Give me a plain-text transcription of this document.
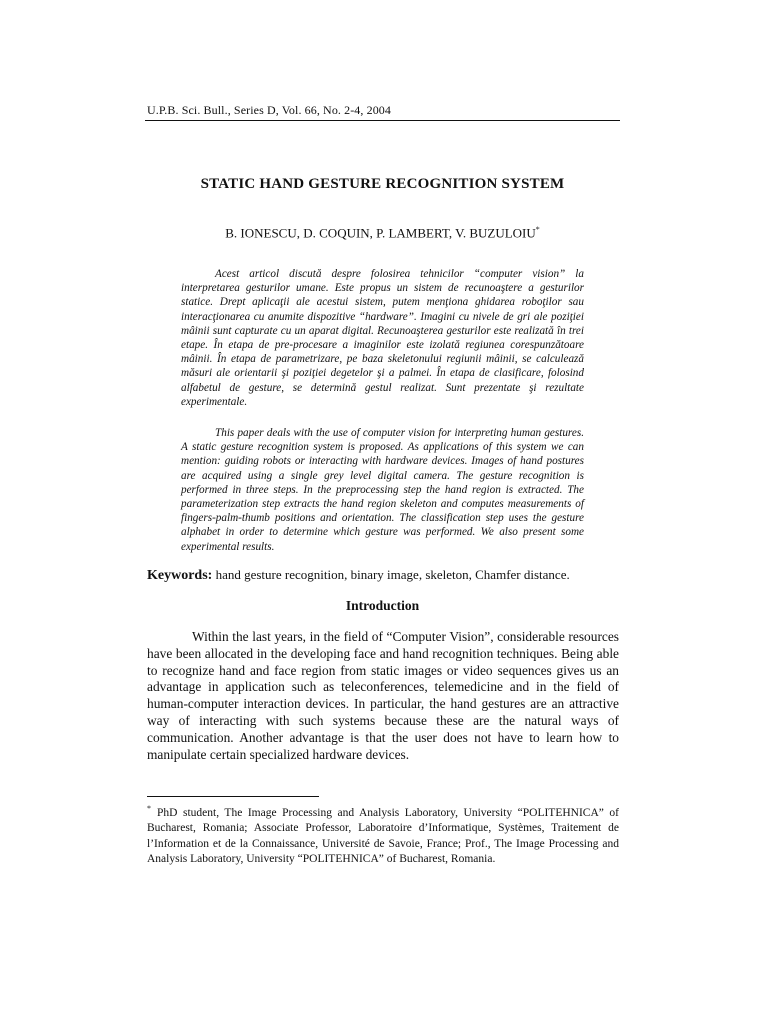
U.P.B. Sci. Bull., Series D, Vol. 66, No. 2-4, 2004
STATIC HAND GESTURE RECOGNITION SYSTEM
B. IONESCU, D. COQUIN, P. LAMBERT, V. BUZULOIU*

Acest articol discută despre folosirea tehnicilor “computer vision” la interpretarea gesturilor umane. Este propus un sistem de recunoaştere a gesturilor statice. Drept aplicaţii ale acestui sistem, putem menţiona ghidarea roboţilor sau interacţionarea cu anumite dispozitive “hardware”. Imagini cu nivele de gri ale poziţiei mâinii sunt capturate cu un aparat digital. Recunoaşterea gesturilor este realizată în trei etape. În etapa de pre-procesare a imaginilor este izolată regiunea corespunzătoare mâinii. În etapa de parametrizare, pe baza skeletonului regiunii mâinii, se calculează măsuri ale orientarii şi poziţiei degetelor şi a palmei. În etapa de clasificare, folosind alfabetul de gesture, se determină gestul realizat. Sunt prezentate şi rezultate experimentale.

This paper deals with the use of computer vision for interpreting human gestures. A static gesture recognition system is proposed. As applications of this system we can mention: guiding robots or interacting with hardware devices. Images of hand postures are acquired using a single grey level digital camera. The gesture recognition is performed in three steps. In the preprocessing step the hand region is extracted. The parameterization step extracts the hand region skeleton and computes measurements of fingers-palm-thumb positions and orientation. The classification step uses the gesture alphabet in order to determine which gesture was performed. We also present some experimental results.

Keywords: hand gesture recognition, binary image, skeleton, Chamfer distance.
Introduction

Within the last years, in the field of “Computer Vision”, considerable resources have been allocated in the developing face and hand recognition techniques. Being able to recognize hand and face region from static images or video sequences gives us an advantage in application such as teleconferences, telemedicine and in the field of human-computer interaction devices. In particular, the hand gestures are an attractive way of interacting with such systems because these are the natural ways of communication. Another advantage is that the user does not have to learn how to manipulate certain specialized hardware devices.

* PhD student, The Image Processing and Analysis Laboratory, University “POLITEHNICA” of Bucharest, Romania; Associate Professor, Laboratoire d’Informatique, Systèmes, Traitement de l’Information et de la Connaissance, Université de Savoie, France; Prof., The Image Processing and Analysis Laboratory, University “POLITEHNICA” of Bucharest, Romania.
